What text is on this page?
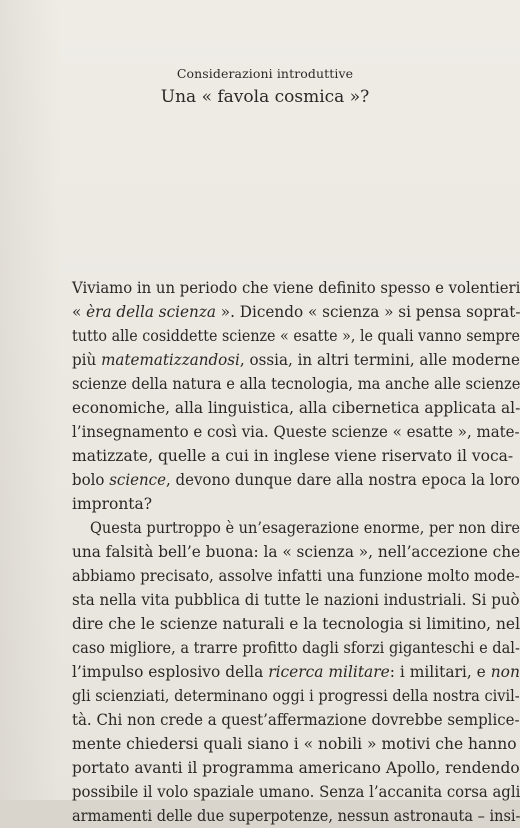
Considerazioni introduttive
Una « favola cosmica »?
Viviamo in un periodo che viene definito spesso e volentieri
« èra della scienza ». Dicendo « scienza » si pensa soprat-
tutto alle cosiddette scienze « esatte », le quali vanno sempre
più matematizzandosi, ossia, in altri termini, alle moderne
scienze della natura e alla tecnologia, ma anche alle scienze
economiche, alla linguistica, alla cibernetica applicata al-
l’insegnamento e così via. Queste scienze « esatte », mate-
matizzate, quelle a cui in inglese viene riservato il voca-
bolo science, devono dunque dare alla nostra epoca la loro
impronta?
Questa purtroppo è un’esagerazione enorme, per non dire
una falsità bell’e buona: la « scienza », nell’accezione che
abbiamo precisato, assolve infatti una funzione molto mode-
sta nella vita pubblica di tutte le nazioni industriali. Si può
dire che le scienze naturali e la tecnologia si limitino, nel
caso migliore, a trarre profitto dagli sforzi giganteschi e dal-
l’impulso esplosivo della ricerca militare: i militari, e non
gli scienziati, determinano oggi i progressi della nostra civil-
tà. Chi non crede a quest’affermazione dovrebbe semplice-
mente chiedersi quali siano i « nobili » motivi che hanno
portato avanti il programma americano Apollo, rendendo
possibile il volo spaziale umano. Senza l’accanita corsa agli
armamenti delle due superpotenze, nessun astronauta – insi-
